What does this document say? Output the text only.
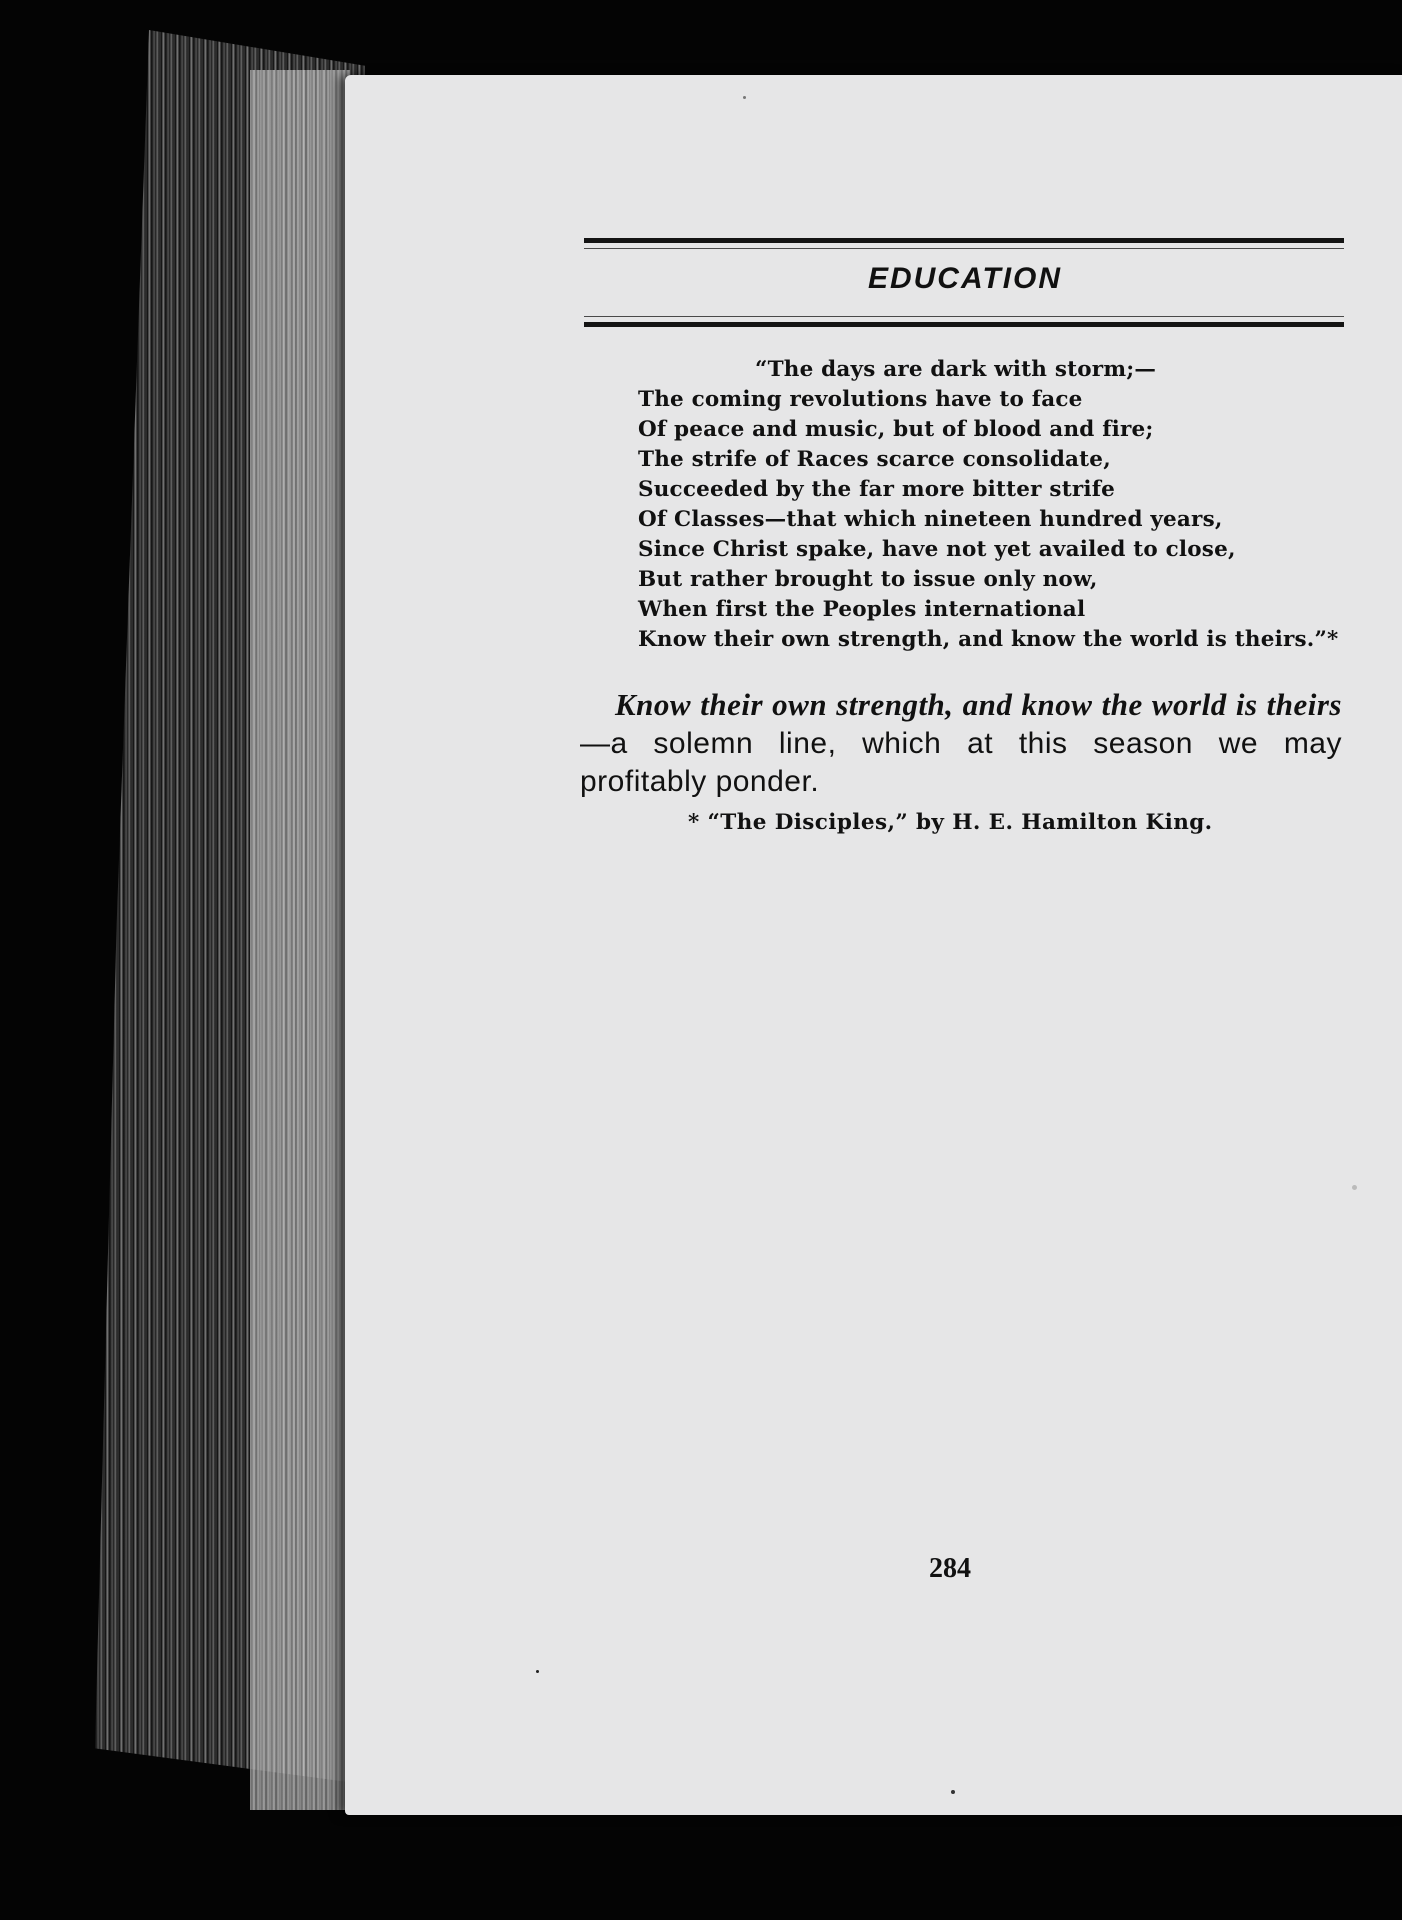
EDUCATION
“The days are dark with storm;—
The coming revolutions have to face
Of peace and music, but of blood and fire;
The strife of Races scarce consolidate,
Succeeded by the far more bitter strife
Of Classes—that which nineteen hundred years,
Since Christ spake, have not yet availed to close,
But rather brought to issue only now,
When first the Peoples international
Know their own strength, and know the world is theirs.”*
Know their own strength, and know the world is theirs—a solemn line, which at this season we may profitably ponder.
* “The Disciples,” by H. E. Hamilton King.
284
